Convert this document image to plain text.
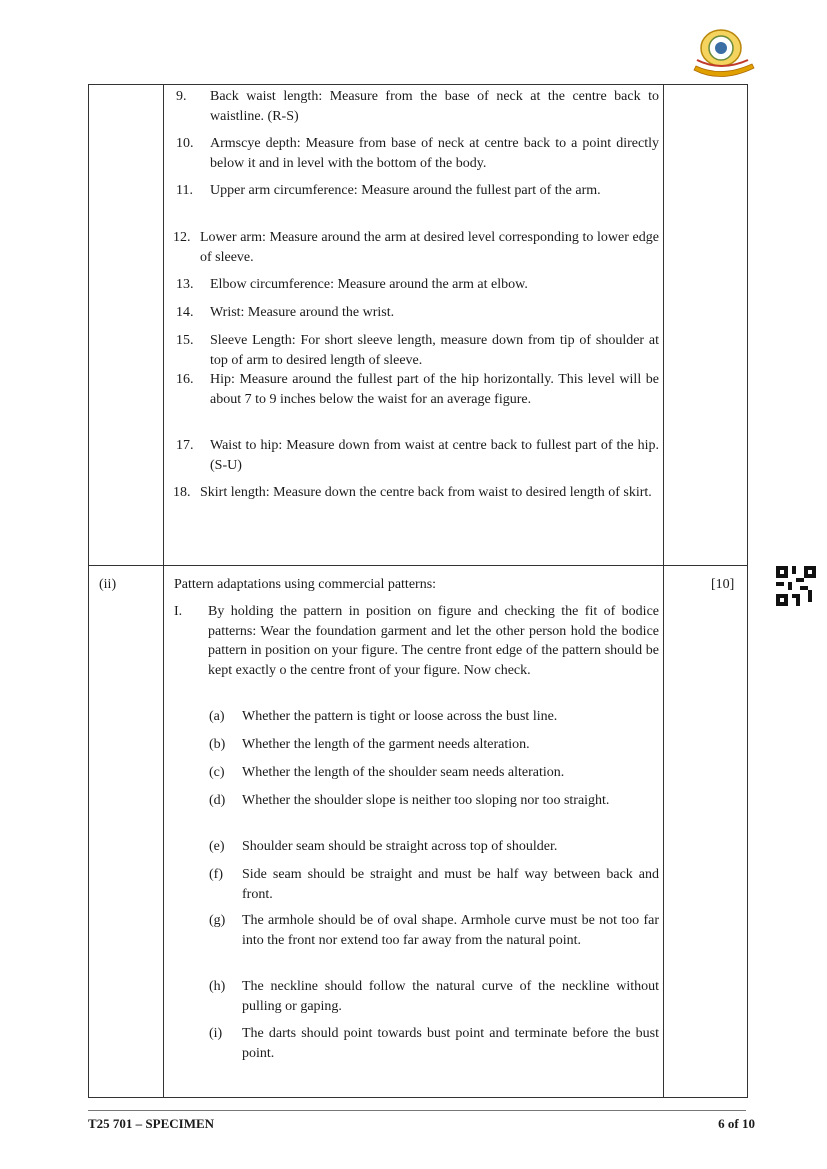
9. Back waist length: Measure from the base of neck at the centre back to waistline. (R-S)

10. Armscye depth: Measure from base of neck at centre back to a point directly below it and in level with the bottom of the body.

11. Upper arm circumference: Measure around the fullest part of the arm.

12. Lower arm: Measure around the arm at desired level corresponding to lower edge of sleeve.

13. Elbow circumference: Measure around the arm at elbow.

14. Wrist: Measure around the wrist.

15. Sleeve Length: For short sleeve length, measure down from tip of shoulder at top of arm to desired length of sleeve.

16. Hip: Measure around the fullest part of the hip horizontally. This level will be about 7 to 9 inches below the waist for an average figure.

17. Waist to hip: Measure down from waist at centre back to fullest part of the hip. (S-U)

18. Skirt length: Measure down the centre back from waist to desired length of skirt.

(ii)	[10]

Pattern adaptations using commercial patterns:

I. By holding the pattern in position on figure and checking the fit of bodice patterns: Wear the foundation garment and let the other person hold the bodice pattern in position on your figure. The centre front edge of the pattern should be kept exactly o the centre front of your figure. Now check.

(a) Whether the pattern is tight or loose across the bust line.

(b) Whether the length of the garment needs alteration.

(c) Whether the length of the shoulder seam needs alteration.

(d) Whether the shoulder slope is neither too sloping nor too straight.

(e) Shoulder seam should be straight across top of shoulder.

(f) Side seam should be straight and must be half way between back and front.

(g) The armhole should be of oval shape. Armhole curve must be not too far into the front nor extend too far away from the natural point.

(h) The neckline should follow the natural curve of the neckline without pulling or gaping.

(i) The darts should point towards bust point and terminate before the bust point.

T25 701 – SPECIMEN	6 of 10
